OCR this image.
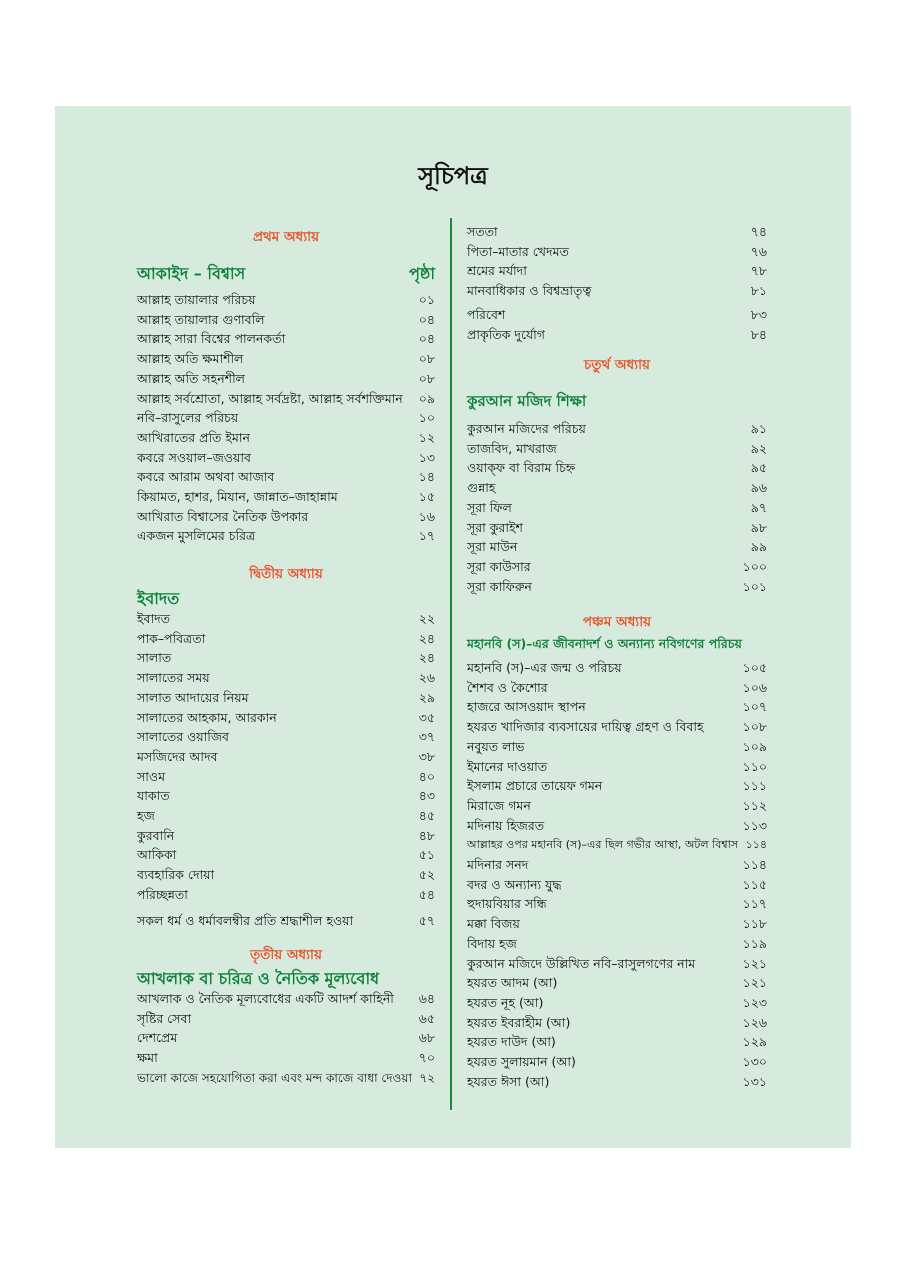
সূচিপত্র
প্রথম অধ্যায়
আকাইদ – বিশ্বাস	পৃষ্ঠা
আল্লাহ তায়ালার পরিচয়	০১
আল্লাহ তায়ালার গুণাবলি	০৪
আল্লাহ সারা বিশ্বের পালনকর্তা	০৪
আল্লাহ অতি ক্ষমাশীল	০৮
আল্লাহ অতি সহনশীল	০৮
আল্লাহ সর্বশ্রোতা, আল্লাহ সর্বদ্রষ্টা, আল্লাহ সর্বশক্তিমান ০৯
নবি–রাসুলের পরিচয়	১০
আখিরাতের প্রতি ইমান	১২
কবরে সওয়াল–জওয়াব	১৩
কবরে আরাম অথবা আজাব	১৪
কিয়ামত, হাশর, মিযান, জান্নাত–জাহান্নাম	১৫
আখিরাত বিশ্বাসের নৈতিক উপকার	১৬
একজন মুসলিমের চরিত্র	১৭
দ্বিতীয় অধ্যায়
ইবাদত
ইবাদত	২২
পাক–পবিত্রতা	২৪
সালাত	২৪
সালাতের সময়	২৬
সালাত আদায়ের নিয়ম	২৯
সালাতের আহকাম, আরকান	৩৫
সালাতের ওয়াজিব	৩৭
মসজিদের আদব	৩৮
সাওম	৪০
যাকাত	৪৩
হজ	৪৫
কুরবানি	৪৮
আকিকা	৫১
ব্যবহারিক দোয়া	৫২
পরিচ্ছন্নতা	৫৪
সকল ধর্ম ও ধর্মাবলম্বীর প্রতি শ্রদ্ধাশীল হওয়া	৫৭
তৃতীয় অধ্যায়
আখলাক বা চরিত্র ও নৈতিক মূল্যবোধ
আখলাক ও নৈতিক মূল্যবোধের একটি আদর্শ কাহিনী ৬৪
সৃষ্টির সেবা	৬৫
দেশপ্রেম	৬৮
ক্ষমা	৭০
ভালো কাজে সহযোগিতা করা এবং মন্দ কাজে বাধা দেওয়া ৭২
সততা	৭৪
পিতা–মাতার খেদমত	৭৬
শ্রমের মর্যাদা	৭৮
মানবাধিকার ও বিশ্বভ্রাতৃত্ব	৮১
পরিবেশ	৮৩
প্রাকৃতিক দুর্যোগ	৮৪
চতুর্থ অধ্যায়
কুরআন মজিদ শিক্ষা
কুরআন মজিদের পরিচয়	৯১
তাজবিদ, মাখরাজ	৯২
ওয়াক্‌ফ বা বিরাম চিহ্ন	৯৫
গুন্নাহ	৯৬
সূরা ফিল	৯৭
সূরা কুরাইশ	৯৮
সূরা মাউন	৯৯
সূরা কাউসার	১০০
সূরা কাফিরুন	১০১
পঞ্চম অধ্যায়
মহানবি (স)–এর জীবনাদর্শ ও অন্যান্য নবিগণের পরিচয়
মহানবি (স)–এর জন্ম ও পরিচয়	১০৫
শৈশব ও কৈশোর	১০৬
হাজরে আসওয়াদ স্থাপন	১০৭
হযরত খাদিজার ব্যবসায়ের দায়িত্ব গ্রহণ ও বিবাহ	১০৮
নবুয়ত লাভ	১০৯
ইমানের দাওয়াত	১১০
ইসলাম প্রচারে তায়েফ গমন	১১১
মিরাজে গমন	১১২
মদিনায় হিজরত	১১৩
আল্লাহর ওপর মহানবি (স)–এর ছিল গভীর আস্থা, অটল বিশ্বাস ১১৪
মদিনার সনদ	১১৪
বদর ও অন্যান্য যুদ্ধ	১১৫
হুদায়বিয়ার সন্ধি	১১৭
মক্কা বিজয়	১১৮
বিদায় হজ	১১৯
কুরআন মজিদে উল্লিখিত নবি–রাসুলগণের নাম	১২১
হযরত আদম (আ)	১২১
হযরত নূহ (আ)	১২৩
হযরত ইবরাহীম (আ)	১২৬
হযরত দাউদ (আ)	১২৯
হযরত সুলায়মান (আ)	১৩০
হযরত ঈসা (আ)	১৩১
